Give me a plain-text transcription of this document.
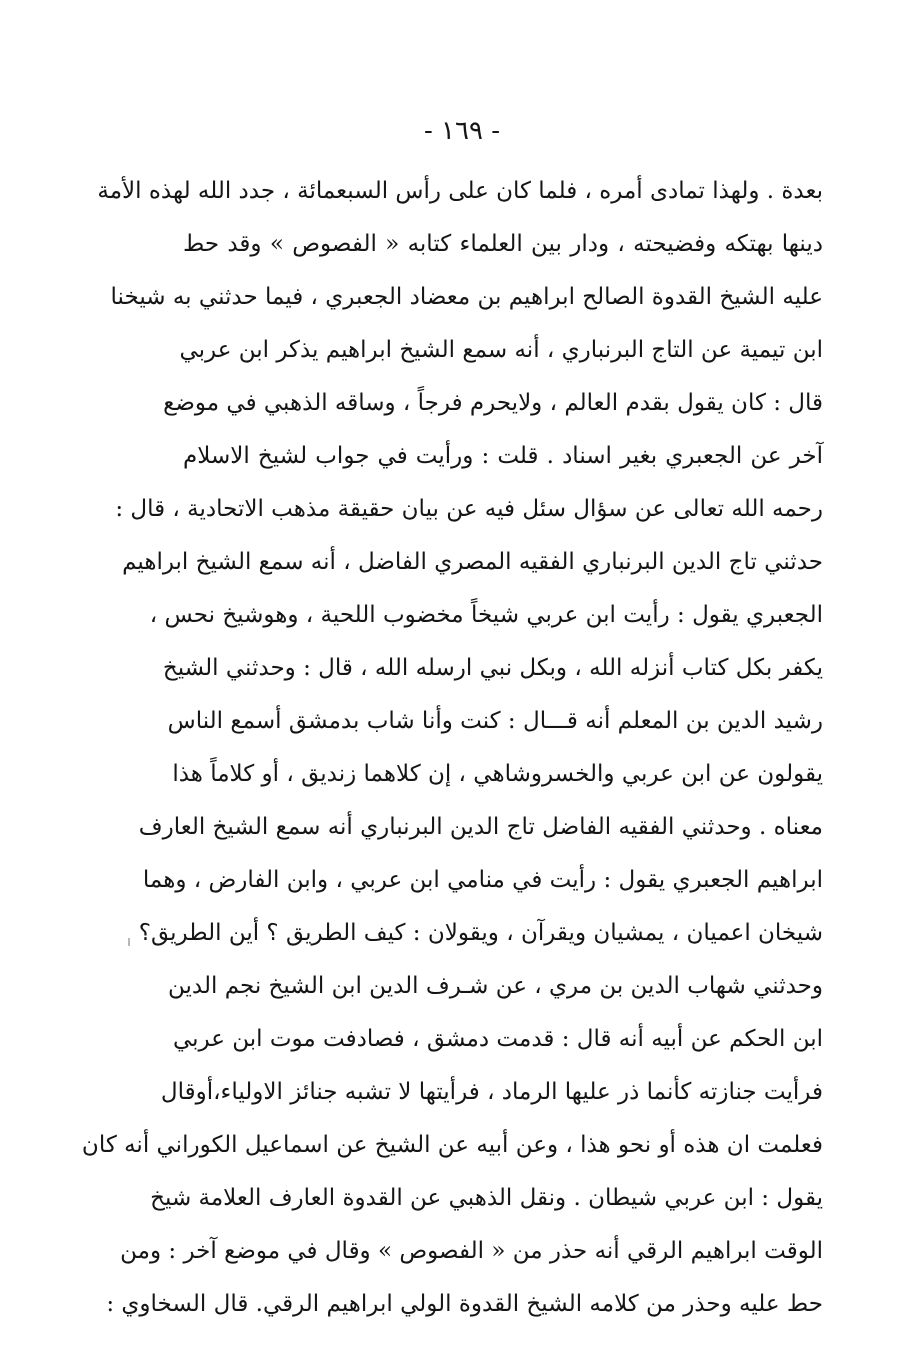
- ١٦٩ -
بعدة . ولهذا تمادى أمره ، فلما كان على رأس السبعمائة ، جدد الله لهذه الأمة
دينها بهتكه وفضيحته ، ودار بين العلماء كتابه « الفصوص » وقد حط
عليه الشيخ القدوة الصالح ابراهيم بن معضاد الجعبري ، فيما حدثني به شيخنا
ابن تيمية عن التاج البرنباري ، أنه سمع الشيخ ابراهيم يذكر ابن عربي
قال : كان يقول بقدم العالم ، ولايحرم فرجاً ، وساقه الذهبي في موضع
آخر عن الجعبري بغير اسناد . قلت : ورأيت في جواب لشيخ الاسلام
رحمه الله تعالى عن سؤال سئل فيه عن بيان حقيقة مذهب الاتحادية ، قال :
حدثني تاج الدين البرنباري الفقيه المصري الفاضل ، أنه سمع الشيخ ابراهيم
الجعبري يقول : رأيت ابن عربي شيخاً مخضوب اللحية ، وهوشيخ نحس ،
يكفر بكل كتاب أنزله الله ، وبكل نبي ارسله الله ، قال : وحدثني الشيخ
رشيد الدين بن المعلم أنه قـــال : كنت وأنا شاب بدمشق أسمع الناس
يقولون عن ابن عربي والخسروشاهي ، إن كلاهما زنديق ، أو كلاماً هذا
معناه . وحدثني الفقيه الفاضل تاج الدين البرنباري أنه سمع الشيخ العارف
ابراهيم الجعبري يقول : رأيت في منامي ابن عربي ، وابن الفارض ، وهما
شيخان اعميان ، يمشيان ويقرآن ، ويقولان : كيف الطريق ؟ أين الطريق؟
وحدثني شهاب الدين بن مري ، عن شـرف الدين ابن الشيخ نجم الدين
ابن الحكم عن أبيه أنه قال : قدمت دمشق ، فصادفت موت ابن عربي
فرأيت جنازته كأنما ذر عليها الرماد ، فرأيتها لا تشبه جنائز الاولياء،أوقال
فعلمت ان هذه أو نحو هذا ، وعن أبيه عن الشيخ عن اسماعيل الكوراني أنه كان
يقول : ابن عربي شيطان . ونقل الذهبي عن القدوة العارف العلامة شيخ
الوقت ابراهيم الرقي أنه حذر من « الفصوص » وقال في موضع آخر : ومن
حط عليه وحذر من كلامه الشيخ القدوة الولي ابراهيم الرقي. قال السخاوي :
